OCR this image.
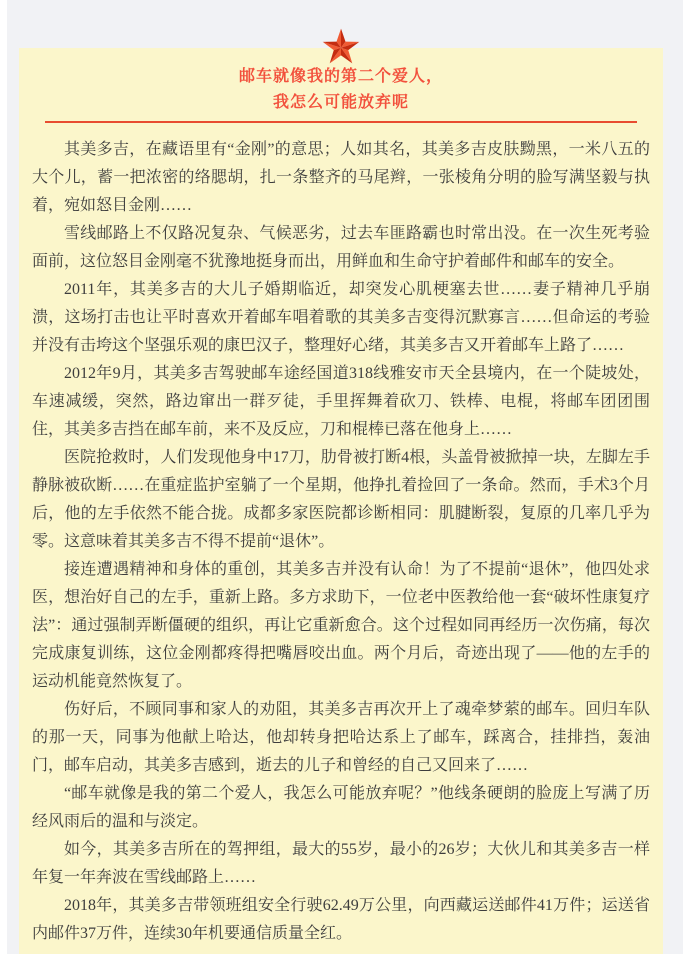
邮车就像我的第二个爱人，
我怎么可能放弃呢

其美多吉，在藏语里有“金刚”的意思；人如其名，其美多吉皮肤黝黑，一米八五的大个儿，蓄一把浓密的络腮胡，扎一条整齐的马尾辫，一张棱角分明的脸写满坚毅与执着，宛如怒目金刚……

雪线邮路上不仅路况复杂、气候恶劣，过去车匪路霸也时常出没。在一次生死考验面前，这位怒目金刚毫不犹豫地挺身而出，用鲜血和生命守护着邮件和邮车的安全。

2011年，其美多吉的大儿子婚期临近，却突发心肌梗塞去世……妻子精神几乎崩溃，这场打击也让平时喜欢开着邮车唱着歌的其美多吉变得沉默寡言……但命运的考验并没有击垮这个坚强乐观的康巴汉子，整理好心绪，其美多吉又开着邮车上路了……

2012年9月，其美多吉驾驶邮车途经国道318线雅安市天全县境内，在一个陡坡处，车速减缓，突然，路边窜出一群歹徒，手里挥舞着砍刀、铁棒、电棍，将邮车团团围住，其美多吉挡在邮车前，来不及反应，刀和棍棒已落在他身上……

医院抢救时，人们发现他身中17刀，肋骨被打断4根，头盖骨被掀掉一块，左脚左手静脉被砍断……在重症监护室躺了一个星期，他挣扎着捡回了一条命。然而，手术3个月后，他的左手依然不能合拢。成都多家医院都诊断相同：肌腱断裂，复原的几率几乎为零。这意味着其美多吉不得不提前“退休”。

接连遭遇精神和身体的重创，其美多吉并没有认命！为了不提前“退休”，他四处求医，想治好自己的左手，重新上路。多方求助下，一位老中医教给他一套“破坏性康复疗法”：通过强制弄断僵硬的组织，再让它重新愈合。这个过程如同再经历一次伤痛，每次完成康复训练，这位金刚都疼得把嘴唇咬出血。两个月后，奇迹出现了——他的左手的运动机能竟然恢复了。

伤好后，不顾同事和家人的劝阻，其美多吉再次开上了魂牵梦萦的邮车。回归车队的那一天，同事为他献上哈达，他却转身把哈达系上了邮车，踩离合，挂排挡，轰油门，邮车启动，其美多吉感到，逝去的儿子和曾经的自己又回来了……

“邮车就像是我的第二个爱人，我怎么可能放弃呢？”他线条硬朗的脸庞上写满了历经风雨后的温和与淡定。

如今，其美多吉所在的驾押组，最大的55岁，最小的26岁；大伙儿和其美多吉一样年复一年奔波在雪线邮路上……

2018年，其美多吉带领班组安全行驶62.49万公里，向西藏运送邮件41万件；运送省内邮件37万件，连续30年机要通信质量全红。
